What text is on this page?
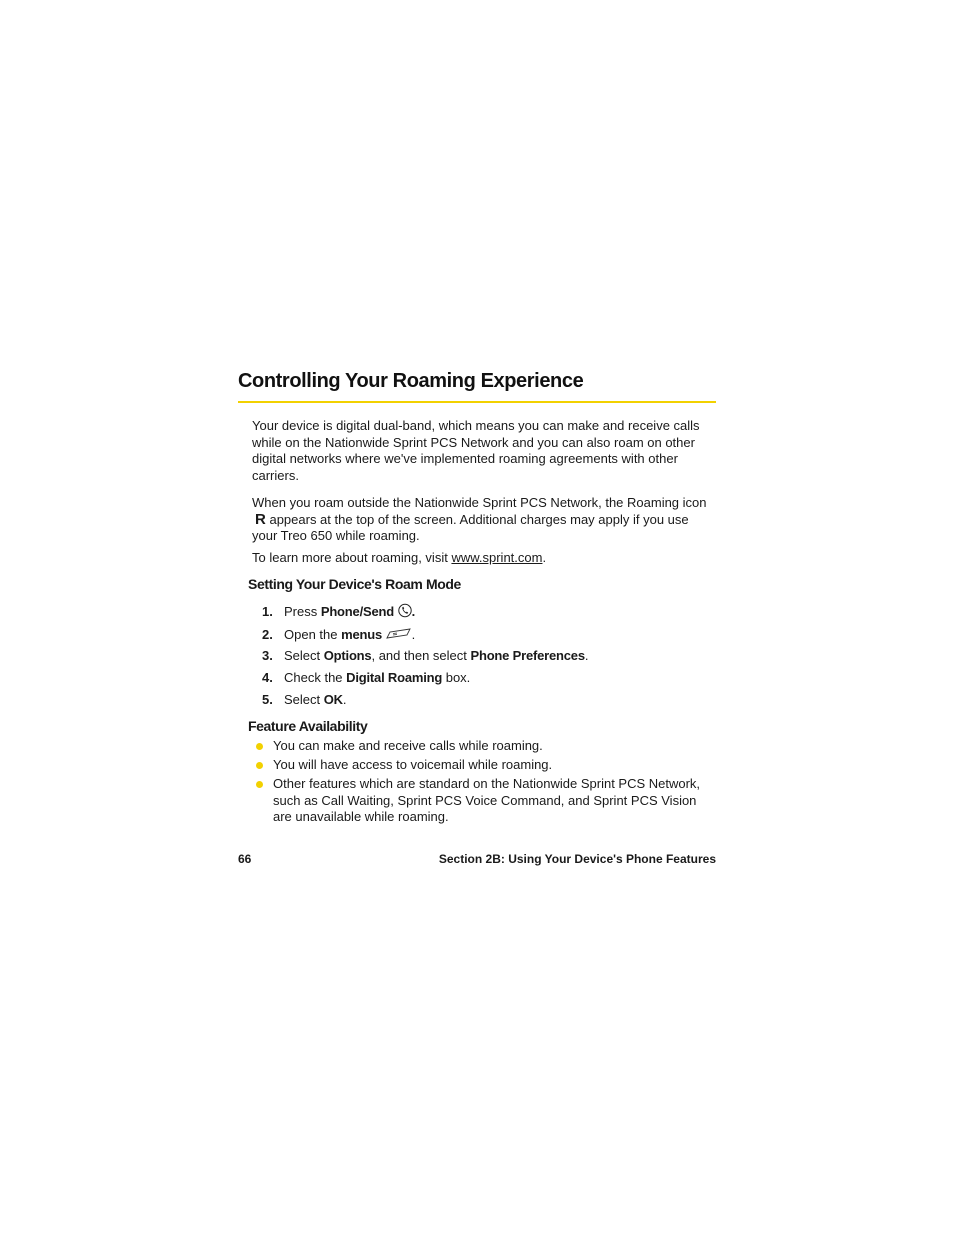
Controlling Your Roaming Experience

Your device is digital dual-band, which means you can make and receive calls while on the Nationwide Sprint PCS Network and you can also roam on other digital networks where we've implemented roaming agreements with other carriers.

When you roam outside the Nationwide Sprint PCS Network, the Roaming icon R appears at the top of the screen. Additional charges may apply if you use your Treo 650 while roaming.

To learn more about roaming, visit www.sprint.com.

Setting Your Device's Roam Mode
1. Press Phone/Send .
2. Open the menus .
3. Select Options, and then select Phone Preferences.
4. Check the Digital Roaming box.
5. Select OK.
Feature Availability
You can make and receive calls while roaming.
You will have access to voicemail while roaming.
Other features which are standard on the Nationwide Sprint PCS Network, such as Call Waiting, Sprint PCS Voice Command, and Sprint PCS Vision are unavailable while roaming.
66	Section 2B: Using Your Device's Phone Features
